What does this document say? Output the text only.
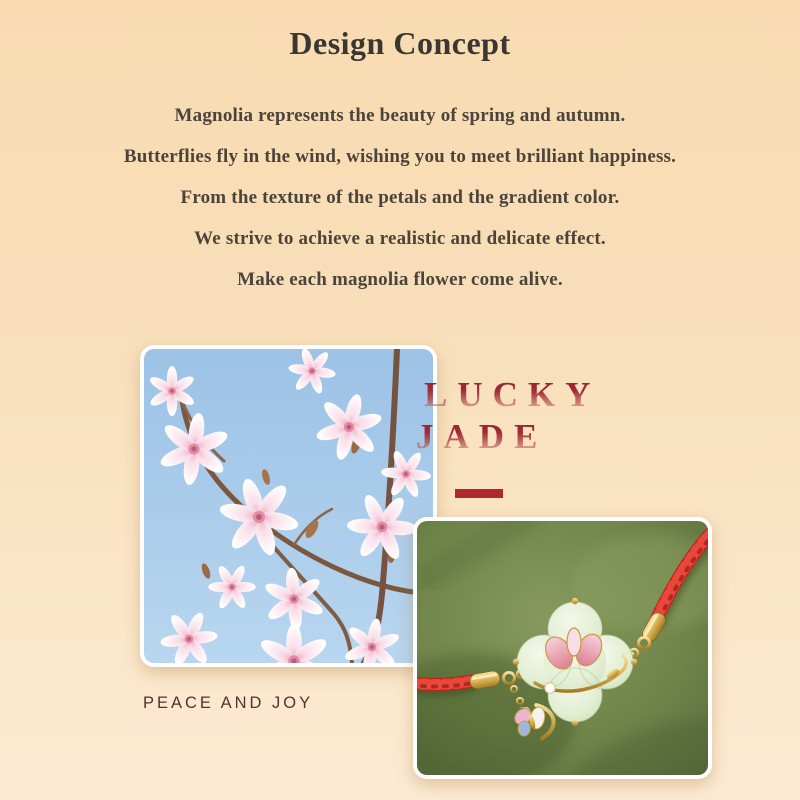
Design Concept

Magnolia represents the beauty of spring and autumn.

Butterflies fly in the wind, wishing you to meet brilliant happiness.

From the texture of the petals and the gradient color.

We strive to achieve a realistic and delicate effect.

Make each magnolia flower come alive.

LUCKY
JADE
PEACE AND JOY
